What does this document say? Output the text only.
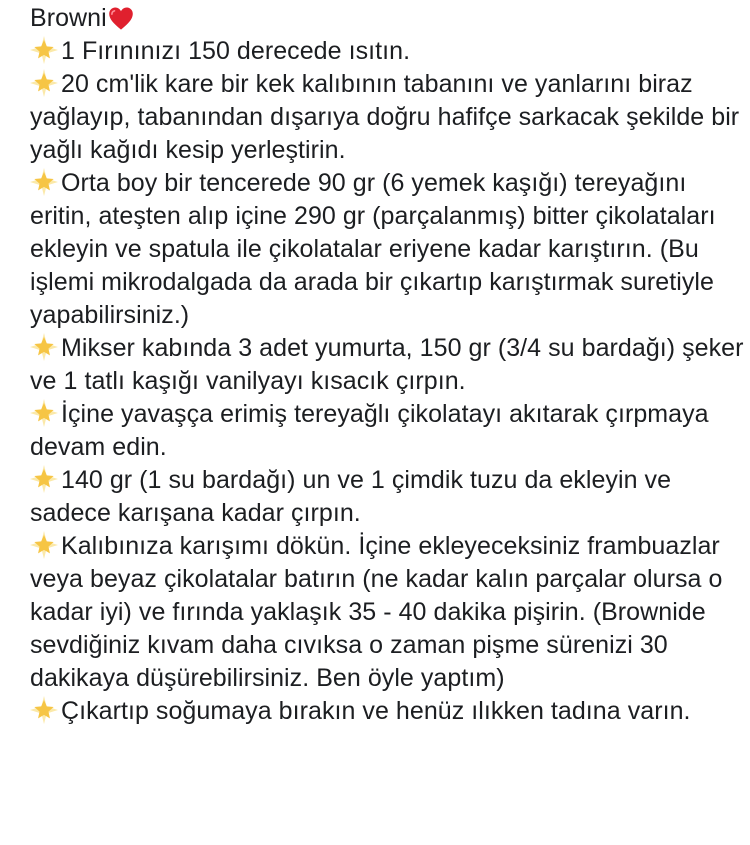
Browni

1 Fırınınızı 150 derecede ısıtın.

20 cm'lik kare bir kek kalıbının tabanını ve yanlarını biraz yağlayıp, tabanından dışarıya doğru hafifçe sarkacak şekilde bir yağlı kağıdı kesip yerleştirin.

Orta boy bir tencerede 90 gr (6 yemek kaşığı) tereyağını eritin, ateşten alıp içine 290 gr (parçalanmış) bitter çikolataları ekleyin ve spatula ile çikolatalar eriyene kadar karıştırın. (Bu işlemi mikrodalgada da arada bir çıkartıp karıştırmak suretiyle yapabilirsiniz.)

Mikser kabında 3 adet yumurta, 150 gr (3/4 su bardağı) şeker ve 1 tatlı kaşığı vanilyayı kısacık çırpın.

İçine yavaşça erimiş tereyağlı çikolatayı akıtarak çırpmaya devam edin.

140 gr (1 su bardağı) un ve 1 çimdik tuzu da ekleyin ve sadece karışana kadar çırpın.

Kalıbınıza karışımı dökün. İçine ekleyeceksiniz frambuazlar veya beyaz çikolatalar batırın (ne kadar kalın parçalar olursa o kadar iyi) ve fırında yaklaşık 35 - 40 dakika pişirin. (Brownide sevdiğiniz kıvam daha cıvıksa o zaman pişme sürenizi 30 dakikaya düşürebilirsiniz. Ben öyle yaptım)

Çıkartıp soğumaya bırakın ve henüz ılıkken tadına varın.
